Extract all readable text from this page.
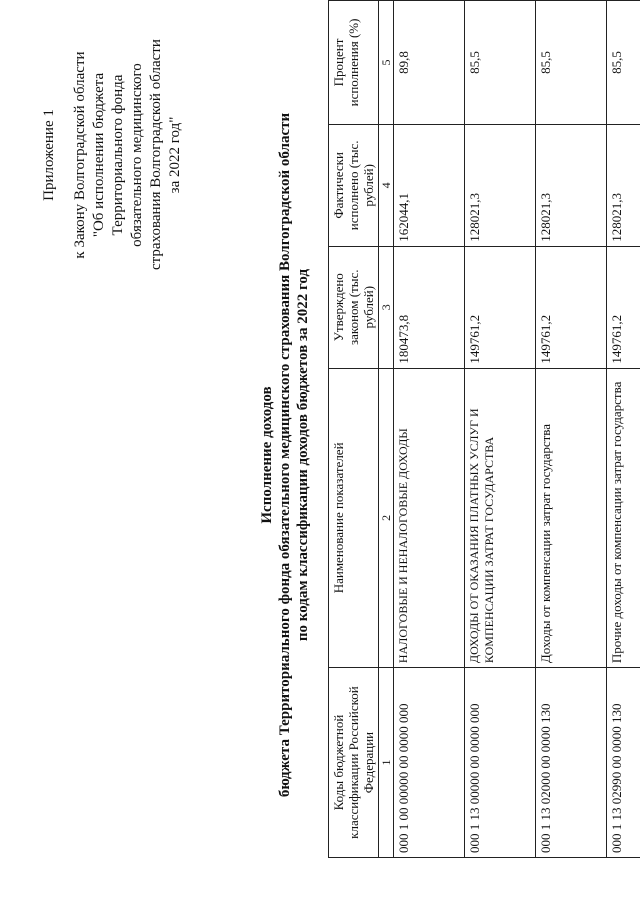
Приложение 1 к Закону Волгоградской области "Об исполнении бюджета Территориального фонда обязательного медицинского страхования Волгоградской области за 2022 год"
Исполнение доходов бюджета Территориального фонда обязательного медицинского страхования Волгоградской области по кодам классификации доходов бюджетов за 2022 год
Коды бюджетной классификации Российской Федерации	Наименование показателей	Утверждено законом (тыс. рублей)	Фактически исполнено (тыс. рублей)	Процент исполнения (%)
1	2	3	4	5
000 1 00 00000 00 0000 000	НАЛОГОВЫЕ И НЕНАЛОГОВЫЕ ДОХОДЫ	180473,8	162044,1	89,8
000 1 13 00000 00 0000 000	ДОХОДЫ ОТ ОКАЗАНИЯ ПЛАТНЫХ УСЛУГ И КОМПЕНСАЦИИ ЗАТРАТ ГОСУДАРСТВА	149761,2	128021,3	85,5
000 1 13 02000 00 0000 130	Доходы от компенсации затрат государства	149761,2	128021,3	85,5
000 1 13 02990 00 0000 130	Прочие доходы от компенсации затрат государства	149761,2	128021,3	85,5
